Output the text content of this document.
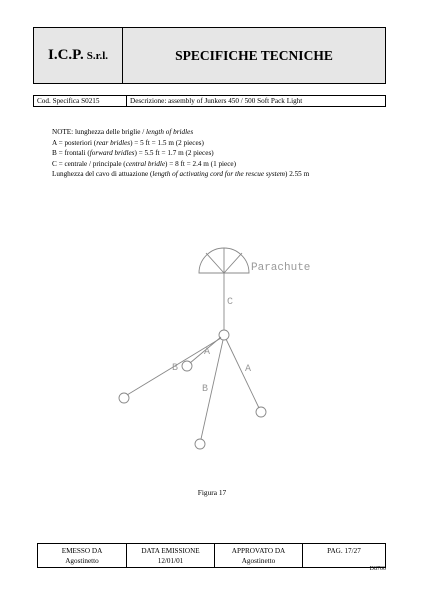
I.C.P. S.r.l.	SPECIFICHE TECNICHE
Cod. Specifica S0215	Descrizione: assembly of Junkers 450 / 500 Soft Pack Light
NOTE: lunghezza delle briglie / length of bridles
A = posteriori (rear bridles) = 5 ft = 1.5 m (2 pieces)
B = frontali (forward bridles) = 5.5 ft = 1.7 m (2 pieces)
C = centrale / principale (central bridle) = 8 ft = 2.4 m (1 piece)
Lunghezza del cavo di attuazione (length of activating cord for the rescue system) 2.55 m
Parachute
C
A
B
B
A
Figura 17
EMESSO DA
Agostinetto
DATA EMISSIONE
12/01/01
APPROVATO DA
Agostinetto
PAG. 17/27
D8700
